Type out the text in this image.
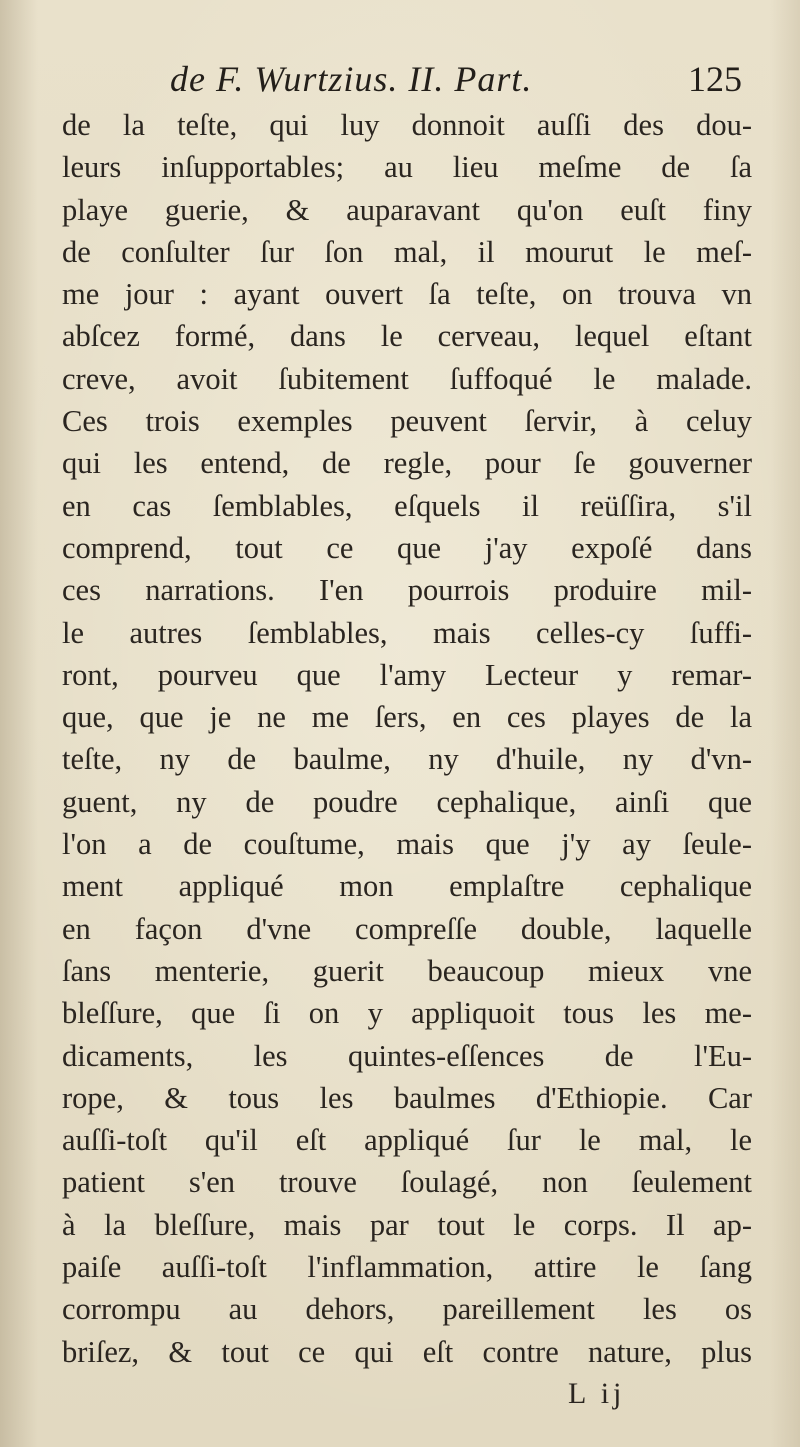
de F. Wurtzius. II. Part.	125
de la teſte, qui luy donnoit auſſi des dou-
leurs inſupportables; au lieu meſme de ſa
playe guerie, & auparavant qu'on euſt finy
de conſulter ſur ſon mal, il mourut le meſ-
me jour : ayant ouvert ſa teſte, on trouva vn
abſcez formé, dans le cerveau, lequel eſtant
creve, avoit ſubitement ſuffoqué le malade.
Ces trois exemples peuvent ſervir, à celuy
qui les entend, de regle, pour ſe gouverner
en cas ſemblables, eſquels il reüſſira, s'il
comprend, tout ce que j'ay expoſé dans
ces narrations. I'en pourrois produire mil-
le autres ſemblables, mais celles-cy ſuffi-
ront, pourveu que l'amy Lecteur y remar-
que, que je ne me ſers, en ces playes de la
teſte, ny de baulme, ny d'huile, ny d'vn-
guent, ny de poudre cephalique, ainſi que
l'on a de couſtume, mais que j'y ay ſeule-
ment appliqué mon emplaſtre cephalique
en façon d'vne compreſſe double, laquelle
ſans menterie, guerit beaucoup mieux vne
bleſſure, que ſi on y appliquoit tous les me-
dicaments, les quintes-eſſences de l'Eu-
rope, & tous les baulmes d'Ethiopie. Car
auſſi-toſt qu'il eſt appliqué ſur le mal, le
patient s'en trouve ſoulagé, non ſeulement
à la bleſſure, mais par tout le corps. Il ap-
paiſe auſſi-toſt l'inflammation, attire le ſang
corrompu au dehors, pareillement les os
briſez, & tout ce qui eſt contre nature, plus
L ij
